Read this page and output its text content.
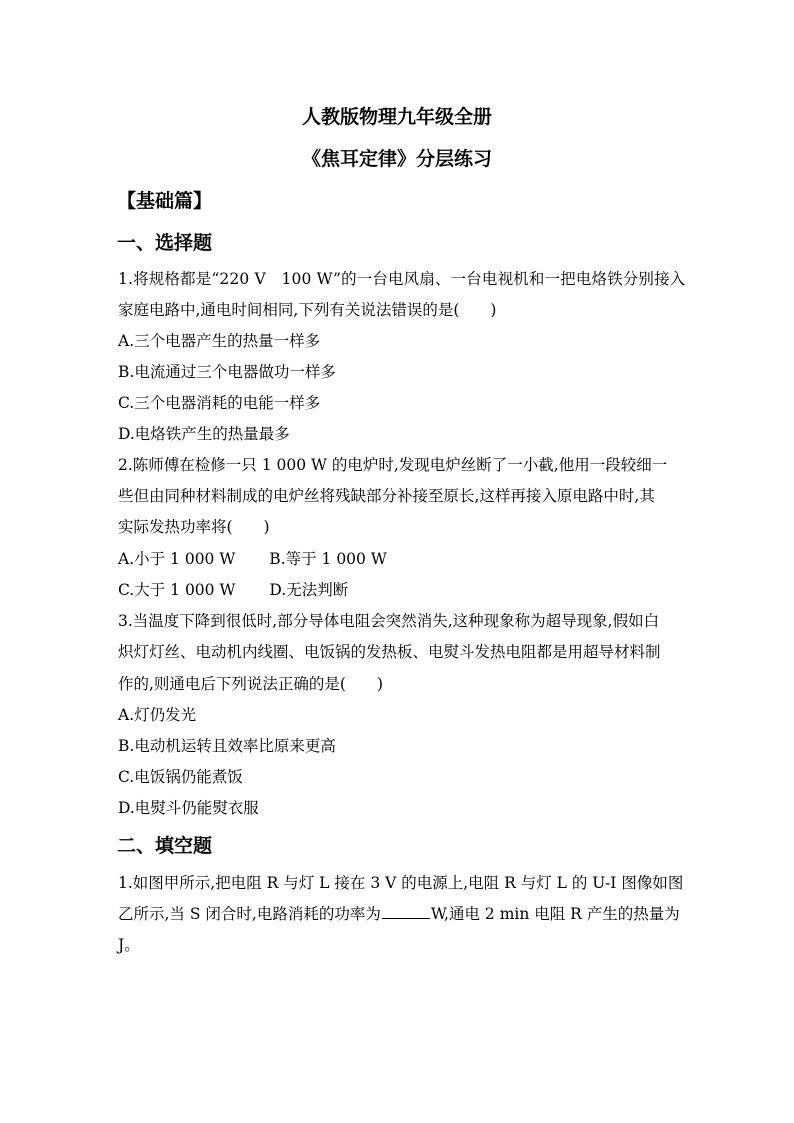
人教版物理九年级全册
《焦耳定律》分层练习
【基础篇】
一、选择题
1.将规格都是“220 V　100 W”的一台电风扇、一台电视机和一把电烙铁分别接入
家庭电路中,通电时间相同,下列有关说法错误的是(　　)
A.三个电器产生的热量一样多
B.电流通过三个电器做功一样多
C.三个电器消耗的电能一样多
D.电烙铁产生的热量最多
2.陈师傅在检修一只 1 000 W 的电炉时,发现电炉丝断了一小截,他用一段较细一
些但由同种材料制成的电炉丝将残缺部分补接至原长,这样再接入原电路中时,其
实际发热功率将(　　)
A.小于 1 000 W B.等于 1 000 W
C.大于 1 000 W D.无法判断
3.当温度下降到很低时,部分导体电阻会突然消失,这种现象称为超导现象,假如白
炽灯灯丝、电动机内线圈、电饭锅的发热板、电熨斗发热电阻都是用超导材料制
作的,则通电后下列说法正确的是(　　)
A.灯仍发光
B.电动机运转且效率比原来更高
C.电饭锅仍能煮饭
D.电熨斗仍能熨衣服
二、填空题
1.如图甲所示,把电阻 R 与灯 L 接在 3 V 的电源上,电阻 R 与灯 L 的 U-I 图像如图
乙所示,当 S 闭合时,电路消耗的功率为	W,通电 2 min 电阻 R 产生的热量为
J。
